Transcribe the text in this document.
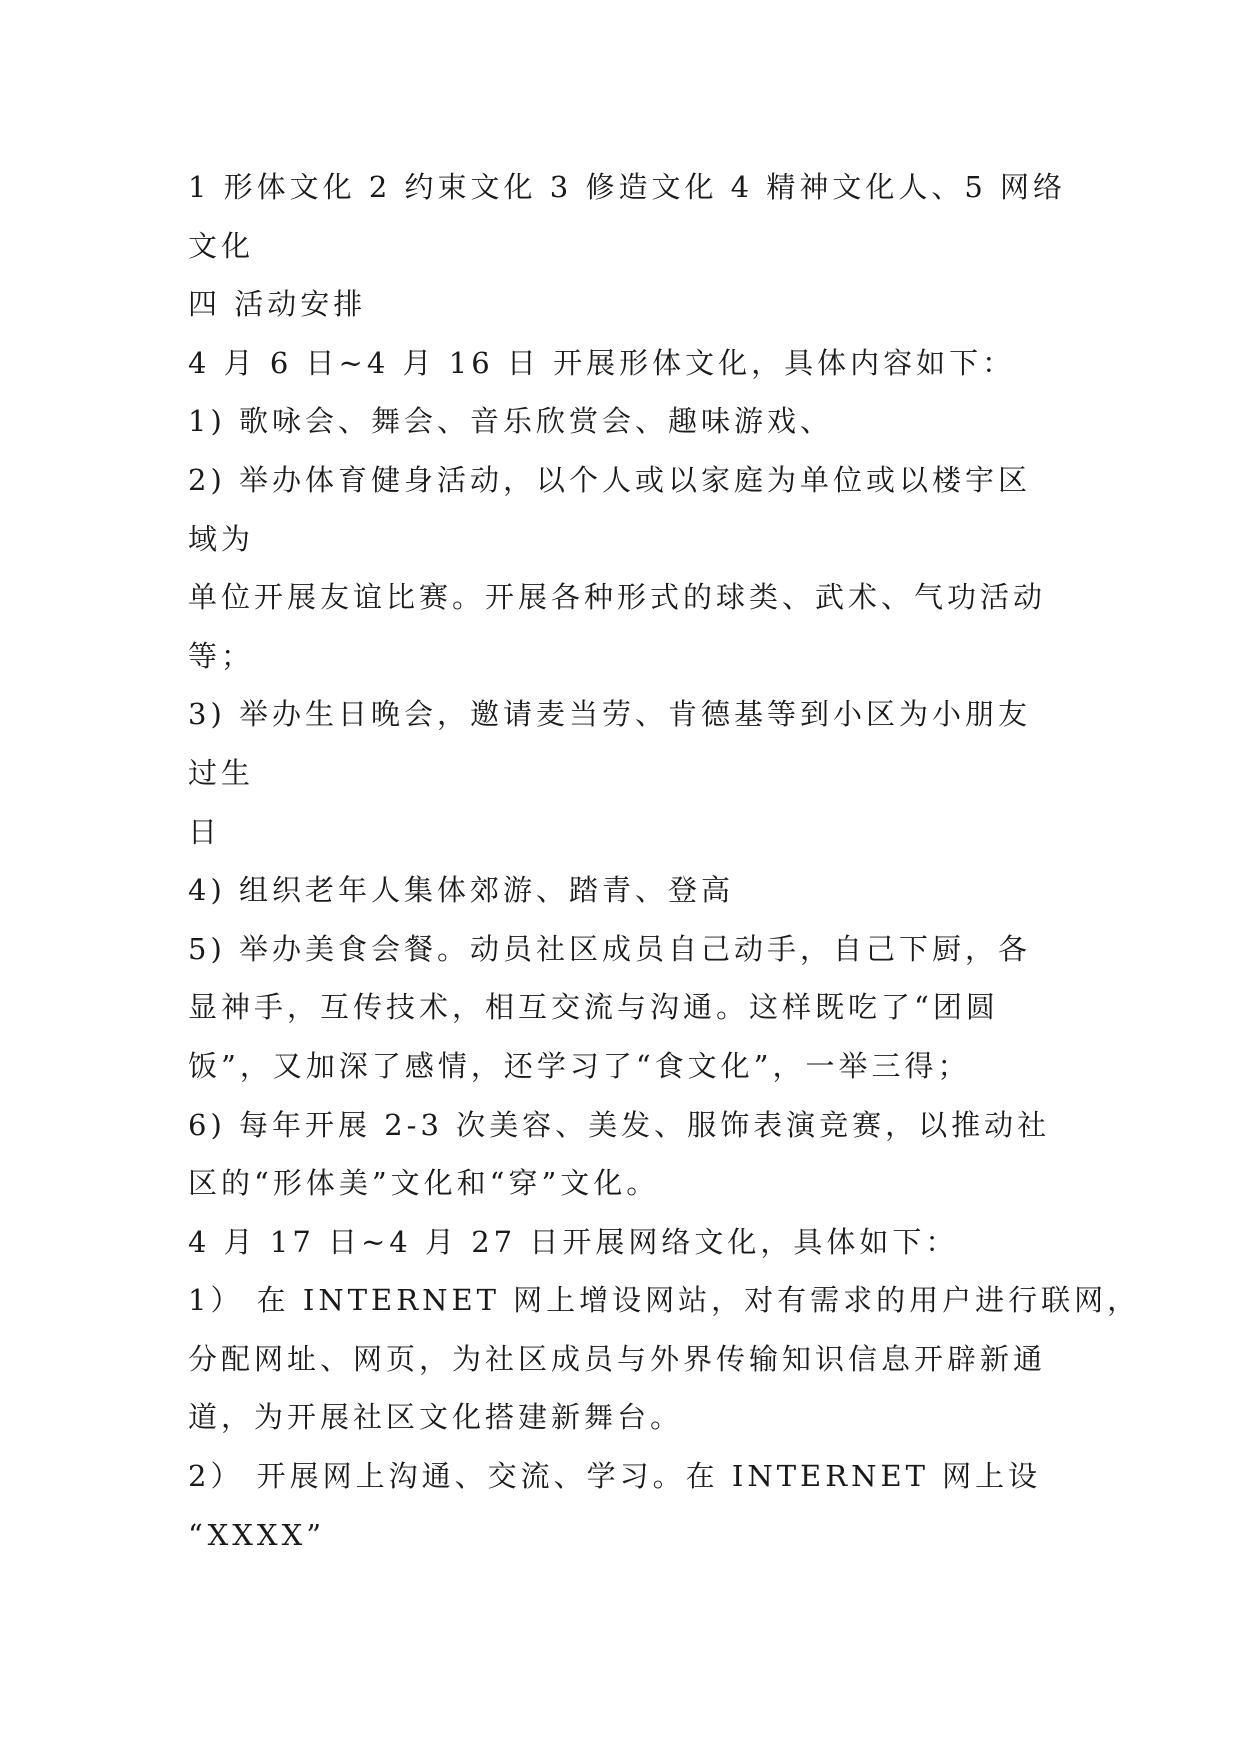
1 形体文化 2 约束文化 3 修造文化 4 精神文化人、5 网络
文化
四 活动安排
4 月 6 日~4 月 16 日 开展形体文化，具体内容如下：
1) 歌咏会、舞会、音乐欣赏会、趣味游戏、
2) 举办体育健身活动，以个人或以家庭为单位或以楼宇区
域为
单位开展友谊比赛。开展各种形式的球类、武术、气功活动
等；
3) 举办生日晚会，邀请麦当劳、肯德基等到小区为小朋友
过生
日
4) 组织老年人集体郊游、踏青、登高
5) 举办美食会餐。动员社区成员自己动手，自己下厨，各
显神手，互传技术，相互交流与沟通。这样既吃了“团圆
饭”，又加深了感情，还学习了“食文化”，一举三得；
6) 每年开展 2-3 次美容、美发、服饰表演竞赛，以推动社
区的“形体美”文化和“穿”文化。
4 月 17 日~4 月 27 日开展网络文化，具体如下：
1） 在 INTERNET 网上增设网站，对有需求的用户进行联网，
分配网址、网页，为社区成员与外界传输知识信息开辟新通
道，为开展社区文化搭建新舞台。
2） 开展网上沟通、交流、学习。在 INTERNET 网上设
“XXXX”
